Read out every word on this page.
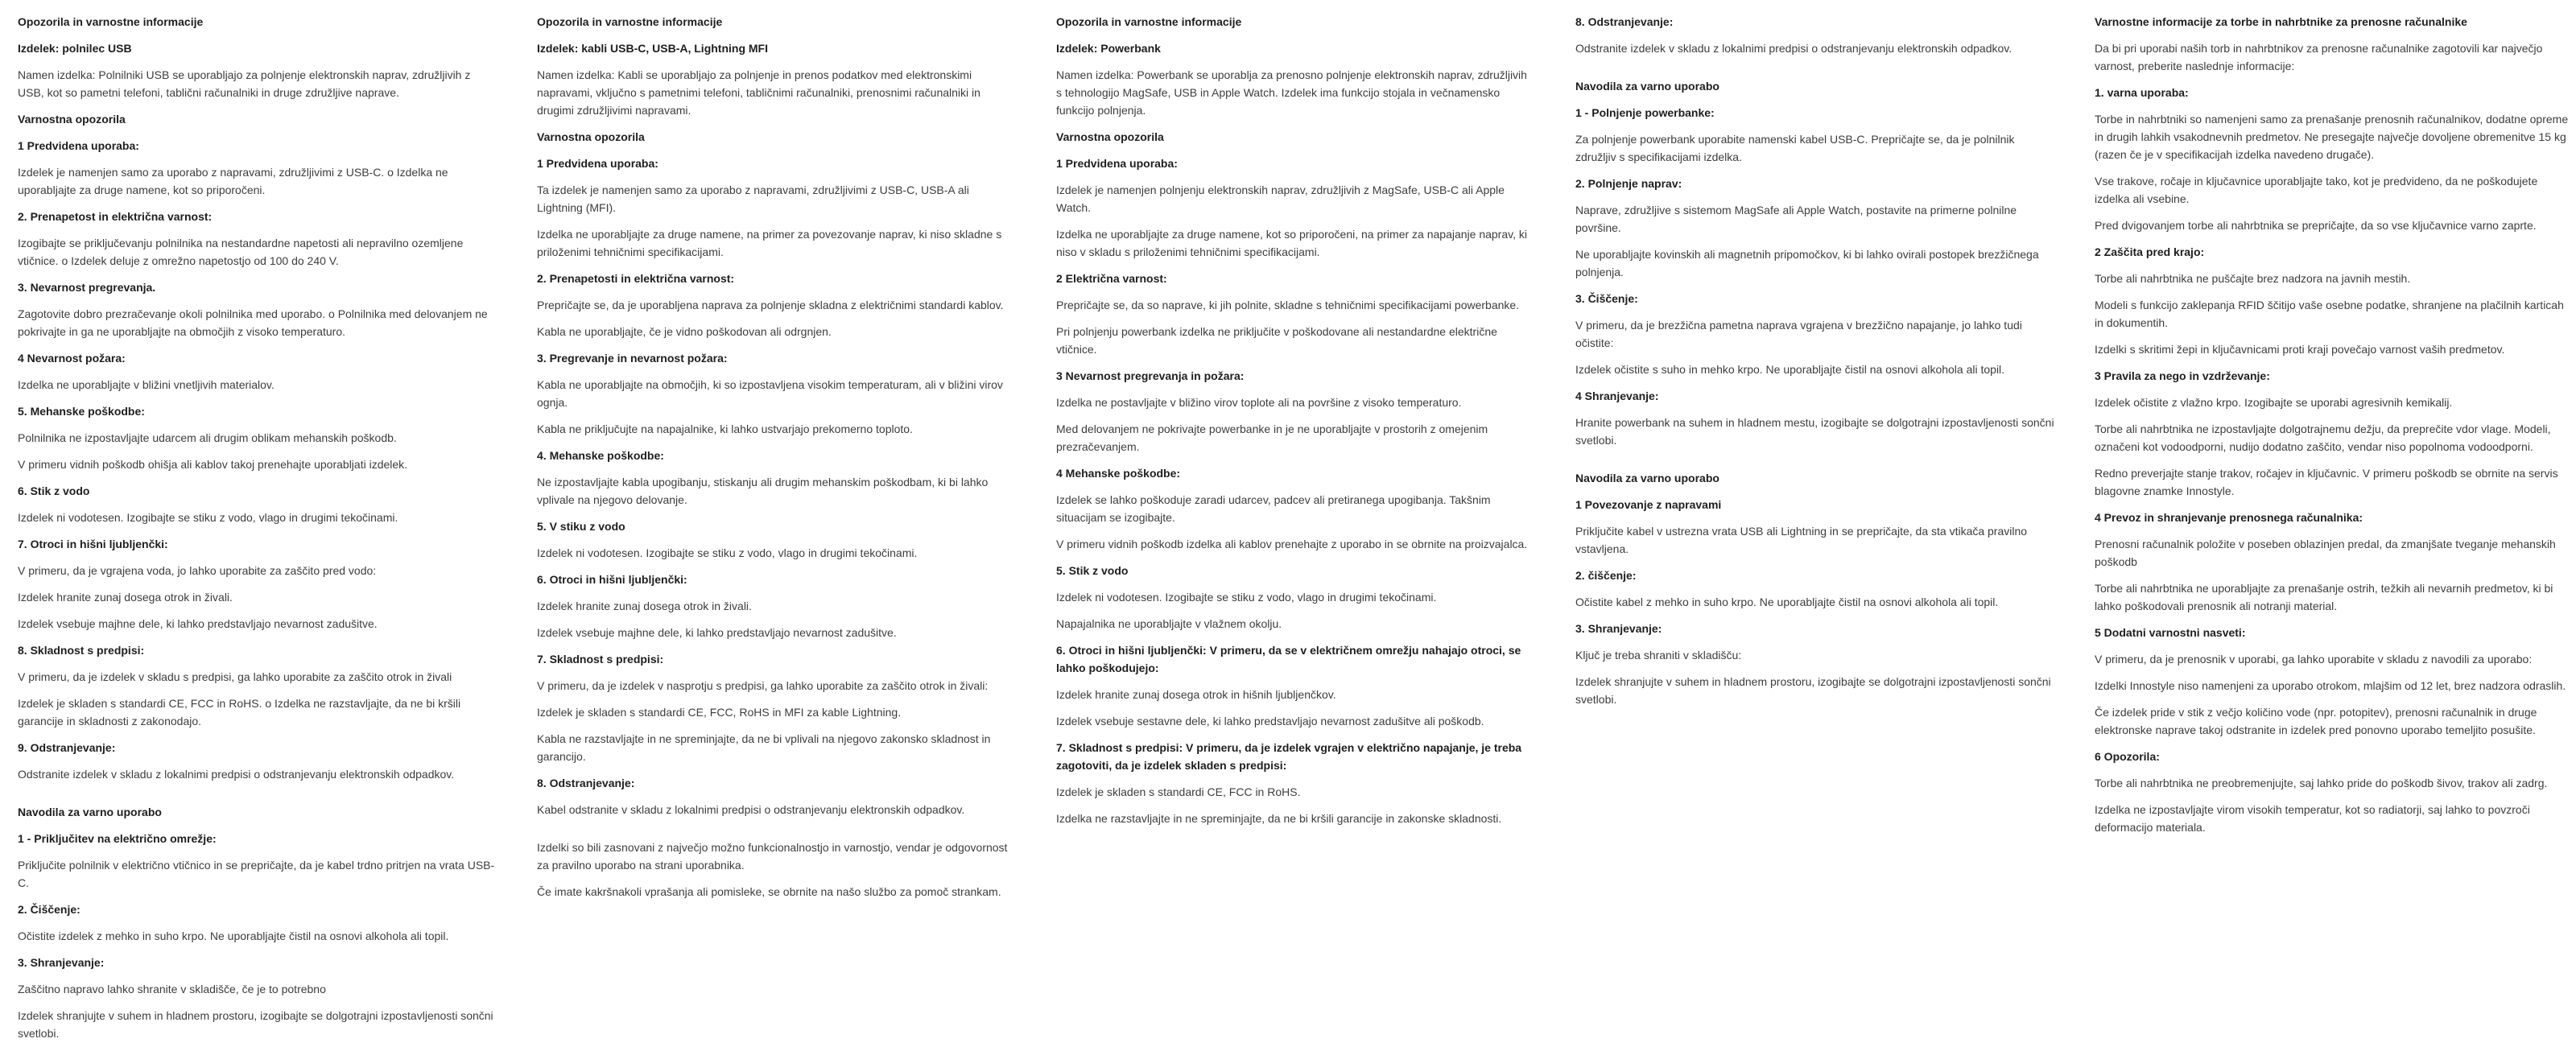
Opozorila in varnostne informacije
Izdelek: polnilec USB

Namen izdelka: Polnilniki USB se uporabljajo za polnjenje elektronskih naprav, združljivih z USB, kot so pametni telefoni, tablični računalniki in druge združljive naprave.

Varnostna opozorila
1 Predvidena uporaba:

Izdelek je namenjen samo za uporabo z napravami, združljivimi z USB-C. o Izdelka ne uporabljajte za druge namene, kot so priporočeni.

2. Prenapetost in električna varnost:

Izogibajte se priključevanju polnilnika na nestandardne napetosti ali nepravilno ozemljene vtičnice. o Izdelek deluje z omrežno napetostjo od 100 do 240 V.

3. Nevarnost pregrevanja.

Zagotovite dobro prezračevanje okoli polnilnika med uporabo. o Polnilnika med delovanjem ne pokrivajte in ga ne uporabljajte na območjih z visoko temperaturo.

4 Nevarnost požara:

Izdelka ne uporabljajte v bližini vnetljivih materialov.

5. Mehanske poškodbe:

Polnilnika ne izpostavljajte udarcem ali drugim oblikam mehanskih poškodb.

V primeru vidnih poškodb ohišja ali kablov takoj prenehajte uporabljati izdelek.

6. Stik z vodo

Izdelek ni vodotesen. Izogibajte se stiku z vodo, vlago in drugimi tekočinami.

7. Otroci in hišni ljubljenčki:

V primeru, da je vgrajena voda, jo lahko uporabite za zaščito pred vodo:

Izdelek hranite zunaj dosega otrok in živali.

Izdelek vsebuje majhne dele, ki lahko predstavljajo nevarnost zadušitve.

8. Skladnost s predpisi:

V primeru, da je izdelek v skladu s predpisi, ga lahko uporabite za zaščito otrok in živali

Izdelek je skladen s standardi CE, FCC in RoHS. o Izdelka ne razstavljajte, da ne bi kršili garancije in skladnosti z zakonodajo.

9. Odstranjevanje:

Odstranite izdelek v skladu z lokalnimi predpisi o odstranjevanju elektronskih odpadkov.

Navodila za varno uporabo
1 - Priključitev na električno omrežje:

Priključite polnilnik v električno vtičnico in se prepričajte, da je kabel trdno pritrjen na vrata USB-C.

2. Čiščenje:

Očistite izdelek z mehko in suho krpo. Ne uporabljajte čistil na osnovi alkohola ali topil.

3. Shranjevanje:

Zaščitno napravo lahko shranite v skladišče, če je to potrebno

Izdelek shranjujte v suhem in hladnem prostoru, izogibajte se dolgotrajni izpostavljenosti sončni svetlobi.

Opozorila in varnostne informacije
Izdelek: kabli USB-C, USB-A, Lightning MFI

Namen izdelka: Kabli se uporabljajo za polnjenje in prenos podatkov med elektronskimi napravami, vključno s pametnimi telefoni, tabličnimi računalniki, prenosnimi računalniki in drugimi združljivimi napravami.

Varnostna opozorila
1 Predvidena uporaba:

Ta izdelek je namenjen samo za uporabo z napravami, združljivimi z USB-C, USB-A ali Lightning (MFI).

Izdelka ne uporabljajte za druge namene, na primer za povezovanje naprav, ki niso skladne s priloženimi tehničnimi specifikacijami.

2. Prenapetosti in električna varnost:

Prepričajte se, da je uporabljena naprava za polnjenje skladna z električnimi standardi kablov.

Kabla ne uporabljajte, če je vidno poškodovan ali odrgnjen.

3. Pregrevanje in nevarnost požara:

Kabla ne uporabljajte na območjih, ki so izpostavljena visokim temperaturam, ali v bližini virov ognja.

Kabla ne priključujte na napajalnike, ki lahko ustvarjajo prekomerno toploto.

4. Mehanske poškodbe:

Ne izpostavljajte kabla upogibanju, stiskanju ali drugim mehanskim poškodbam, ki bi lahko vplivale na njegovo delovanje.

5. V stiku z vodo

Izdelek ni vodotesen. Izogibajte se stiku z vodo, vlago in drugimi tekočinami.

6. Otroci in hišni ljubljenčki:

Izdelek hranite zunaj dosega otrok in živali.

Izdelek vsebuje majhne dele, ki lahko predstavljajo nevarnost zadušitve.

7. Skladnost s predpisi:

V primeru, da je izdelek v nasprotju s predpisi, ga lahko uporabite za zaščito otrok in živali:

Izdelek je skladen s standardi CE, FCC, RoHS in MFI za kable Lightning.

Kabla ne razstavljajte in ne spreminjajte, da ne bi vplivali na njegovo zakonsko skladnost in garancijo.

8. Odstranjevanje:

Kabel odstranite v skladu z lokalnimi predpisi o odstranjevanju elektronskih odpadkov.

Izdelki so bili zasnovani z največjo možno funkcionalnostjo in varnostjo, vendar je odgovornost za pravilno uporabo na strani uporabnika.

Če imate kakršnakoli vprašanja ali pomisleke, se obrnite na našo službo za pomoč strankam.

Opozorila in varnostne informacije
Izdelek: Powerbank

Namen izdelka: Powerbank se uporablja za prenosno polnjenje elektronskih naprav, združljivih s tehnologijo MagSafe, USB in Apple Watch. Izdelek ima funkcijo stojala in večnamensko funkcijo polnjenja.

Varnostna opozorila
1 Predvidena uporaba:

Izdelek je namenjen polnjenju elektronskih naprav, združljivih z MagSafe, USB-C ali Apple Watch.

Izdelka ne uporabljajte za druge namene, kot so priporočeni, na primer za napajanje naprav, ki niso v skladu s priloženimi tehničnimi specifikacijami.

2 Električna varnost:

Prepričajte se, da so naprave, ki jih polnite, skladne s tehničnimi specifikacijami powerbanke.

Pri polnjenju powerbank izdelka ne priključite v poškodovane ali nestandardne električne vtičnice.

3 Nevarnost pregrevanja in požara:

Izdelka ne postavljajte v bližino virov toplote ali na površine z visoko temperaturo.

Med delovanjem ne pokrivajte powerbanke in je ne uporabljajte v prostorih z omejenim prezračevanjem.

4 Mehanske poškodbe:

Izdelek se lahko poškoduje zaradi udarcev, padcev ali pretiranega upogibanja. Takšnim situacijam se izogibajte.

V primeru vidnih poškodb izdelka ali kablov prenehajte z uporabo in se obrnite na proizvajalca.

5. Stik z vodo

Izdelek ni vodotesen. Izogibajte se stiku z vodo, vlago in drugimi tekočinami.

Napajalnika ne uporabljajte v vlažnem okolju.

6. Otroci in hišni ljubljenčki: V primeru, da se v električnem omrežju nahajajo otroci, se lahko poškodujejo:

Izdelek hranite zunaj dosega otrok in hišnih ljubljenčkov.

Izdelek vsebuje sestavne dele, ki lahko predstavljajo nevarnost zadušitve ali poškodb.

7. Skladnost s predpisi: V primeru, da je izdelek vgrajen v električno napajanje, je treba zagotoviti, da je izdelek skladen s predpisi:

Izdelek je skladen s standardi CE, FCC in RoHS.

Izdelka ne razstavljajte in ne spreminjajte, da ne bi kršili garancije in zakonske skladnosti.

8. Odstranjevanje:

Odstranite izdelek v skladu z lokalnimi predpisi o odstranjevanju elektronskih odpadkov.

Navodila za varno uporabo
1 - Polnjenje powerbanke:

Za polnjenje powerbank uporabite namenski kabel USB-C. Prepričajte se, da je polnilnik združljiv s specifikacijami izdelka.

2. Polnjenje naprav:

Naprave, združljive s sistemom MagSafe ali Apple Watch, postavite na primerne polnilne površine.

Ne uporabljajte kovinskih ali magnetnih pripomočkov, ki bi lahko ovirali postopek brezžičnega polnjenja.

3. Čiščenje:

V primeru, da je brezžična pametna naprava vgrajena v brezžično napajanje, jo lahko tudi očistite:

Izdelek očistite s suho in mehko krpo. Ne uporabljajte čistil na osnovi alkohola ali topil.

4 Shranjevanje:

Hranite powerbank na suhem in hladnem mestu, izogibajte se dolgotrajni izpostavljenosti sončni svetlobi.

Navodila za varno uporabo
1 Povezovanje z napravami

Priključite kabel v ustrezna vrata USB ali Lightning in se prepričajte, da sta vtikača pravilno vstavljena.

2. čiščenje:

Očistite kabel z mehko in suho krpo. Ne uporabljajte čistil na osnovi alkohola ali topil.

3. Shranjevanje:

Ključ je treba shraniti v skladišču:

Izdelek shranjujte v suhem in hladnem prostoru, izogibajte se dolgotrajni izpostavljenosti sončni svetlobi.

Varnostne informacije za torbe in nahrbtnike za prenosne računalnike

Da bi pri uporabi naših torb in nahrbtnikov za prenosne računalnike zagotovili kar največjo varnost, preberite naslednje informacije:

1. varna uporaba:

Torbe in nahrbtniki so namenjeni samo za prenašanje prenosnih računalnikov, dodatne opreme in drugih lahkih vsakodnevnih predmetov. Ne presegajte največje dovoljene obremenitve 15 kg (razen če je v specifikacijah izdelka navedeno drugače).

Vse trakove, ročaje in ključavnice uporabljajte tako, kot je predvideno, da ne poškodujete izdelka ali vsebine.

Pred dvigovanjem torbe ali nahrbtnika se prepričajte, da so vse ključavnice varno zaprte.

2 Zaščita pred krajo:

Torbe ali nahrbtnika ne puščajte brez nadzora na javnih mestih.

Modeli s funkcijo zaklepanja RFID ščitijo vaše osebne podatke, shranjene na plačilnih karticah in dokumentih.

Izdelki s skritimi žepi in ključavnicami proti kraji povečajo varnost vaših predmetov.

3 Pravila za nego in vzdrževanje:

Izdelek očistite z vlažno krpo. Izogibajte se uporabi agresivnih kemikalij.

Torbe ali nahrbtnika ne izpostavljajte dolgotrajnemu dežju, da preprečite vdor vlage. Modeli, označeni kot vodoodporni, nudijo dodatno zaščito, vendar niso popolnoma vodoodporni.

Redno preverjajte stanje trakov, ročajev in ključavnic. V primeru poškodb se obrnite na servis blagovne znamke Innostyle.

4 Prevoz in shranjevanje prenosnega računalnika:

Prenosni računalnik položite v poseben oblazinjen predal, da zmanjšate tveganje mehanskih poškodb

Torbe ali nahrbtnika ne uporabljajte za prenašanje ostrih, težkih ali nevarnih predmetov, ki bi lahko poškodovali prenosnik ali notranji material.

5 Dodatni varnostni nasveti:

V primeru, da je prenosnik v uporabi, ga lahko uporabite v skladu z navodili za uporabo:

Izdelki Innostyle niso namenjeni za uporabo otrokom, mlajšim od 12 let, brez nadzora odraslih.

Če izdelek pride v stik z večjo količino vode (npr. potopitev), prenosni računalnik in druge elektronske naprave takoj odstranite in izdelek pred ponovno uporabo temeljito posušite.

6 Opozorila:

Torbe ali nahrbtnika ne preobremenjujte, saj lahko pride do poškodb šivov, trakov ali zadrg.

Izdelka ne izpostavljajte virom visokih temperatur, kot so radiatorji, saj lahko to povzroči deformacijo materiala.
